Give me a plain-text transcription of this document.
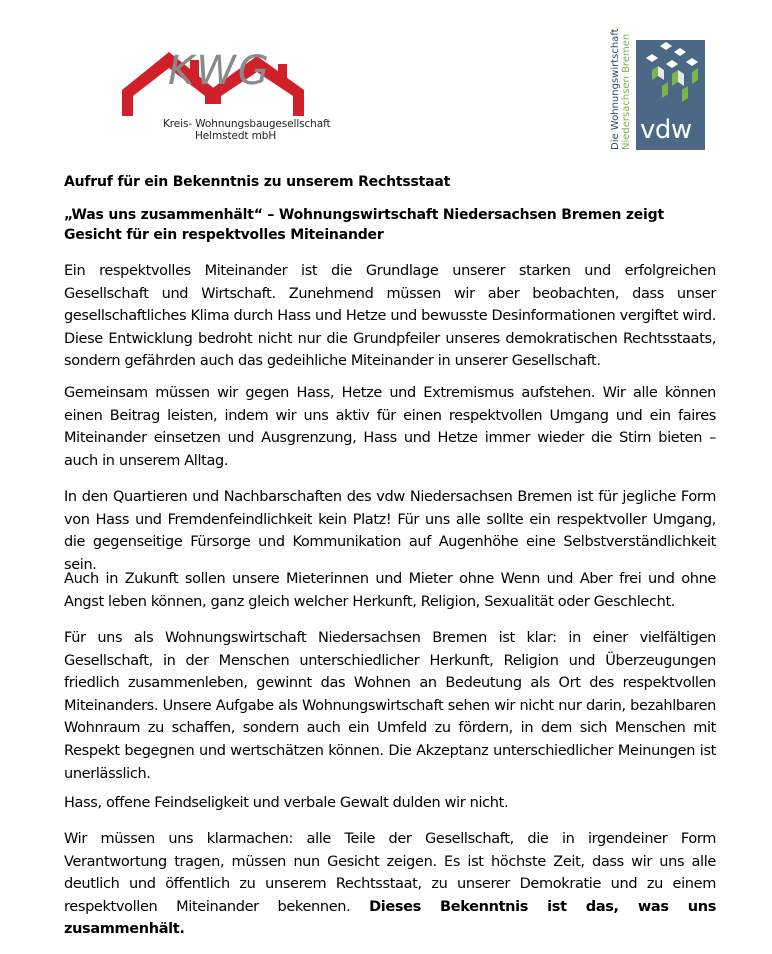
KWG
Kreis- Wohnungsbaugesellschaft
Helmstedt mbH	Die Wohnungswirtschaft Niedersachsen Bremen vdw

Aufruf für ein Bekenntnis zu unserem Rechtsstaat

„Was uns zusammenhält“ – Wohnungswirtschaft Niedersachsen Bremen zeigt Gesicht für ein respektvolles Miteinander

Ein respektvolles Miteinander ist die Grundlage unserer starken und erfolgreichen Gesellschaft und Wirtschaft. Zunehmend müssen wir aber beobachten, dass unser gesellschaftliches Klima durch Hass und Hetze und bewusste Desinformationen vergiftet wird. Diese Entwicklung bedroht nicht nur die Grundpfeiler unseres demokratischen Rechtsstaats, sondern gefährden auch das gedeihliche Miteinander in unserer Gesellschaft.

Gemeinsam müssen wir gegen Hass, Hetze und Extremismus aufstehen. Wir alle können einen Beitrag leisten, indem wir uns aktiv für einen respektvollen Umgang und ein faires Miteinander einsetzen und Ausgrenzung, Hass und Hetze immer wieder die Stirn bieten – auch in unserem Alltag.

In den Quartieren und Nachbarschaften des vdw Niedersachsen Bremen ist für jegliche Form von Hass und Fremdenfeindlichkeit kein Platz! Für uns alle sollte ein respektvoller Umgang, die gegenseitige Fürsorge und Kommunikation auf Augenhöhe eine Selbstverständlichkeit sein.

Auch in Zukunft sollen unsere Mieterinnen und Mieter ohne Wenn und Aber frei und ohne Angst leben können, ganz gleich welcher Herkunft, Religion, Sexualität oder Geschlecht.

Für uns als Wohnungswirtschaft Niedersachsen Bremen ist klar: in einer vielfältigen Gesellschaft, in der Menschen unterschiedlicher Herkunft, Religion und Überzeugungen friedlich zusammenleben, gewinnt das Wohnen an Bedeutung als Ort des respektvollen Miteinanders. Unsere Aufgabe als Wohnungswirtschaft sehen wir nicht nur darin, bezahlbaren Wohnraum zu schaffen, sondern auch ein Umfeld zu fördern, in dem sich Menschen mit Respekt begegnen und wertschätzen können. Die Akzeptanz unterschiedlicher Meinungen ist unerlässlich.

Hass, offene Feindseligkeit und verbale Gewalt dulden wir nicht.

Wir müssen uns klarmachen: alle Teile der Gesellschaft, die in irgendeiner Form Verantwortung tragen, müssen nun Gesicht zeigen. Es ist höchste Zeit, dass wir uns alle deutlich und öffentlich zu unserem Rechtsstaat, zu unserer Demokratie und zu einem respektvollen Miteinander bekennen. Dieses Bekenntnis ist das, was uns zusammenhält.
